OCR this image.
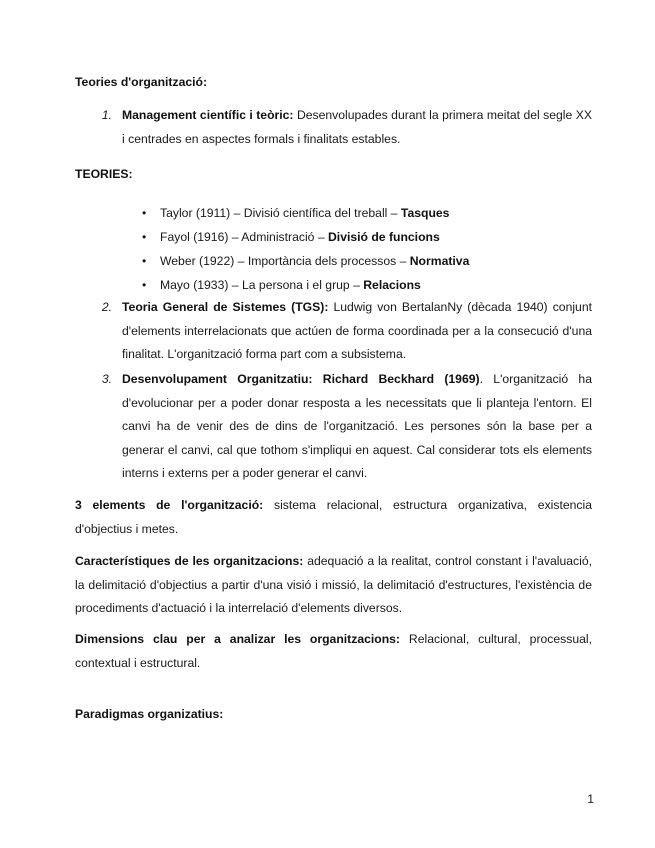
Teories d'organització:
1. Management científic i teòric: Desenvolupades durant la primera meitat del segle XX i centrades en aspectes formals i finalitats estables.
TEORIES:
• Taylor (1911) – Divisió científica del treball – Tasques
• Fayol (1916) – Administració – Divisió de funcions
• Weber (1922) – Importància dels processos – Normativa
• Mayo (1933) – La persona i el grup – Relacions
2. Teoria General de Sistemes (TGS): Ludwig von BertalanNy (dècada 1940) conjunt d'elements interrelacionats que actúen de forma coordinada per a la consecució d'una finalitat. L'organització forma part com a subsistema.
3. Desenvolupament Organitzatiu: Richard Beckhard (1969). L'organització ha d'evolucionar per a poder donar resposta a les necessitats que li planteja l'entorn. El canvi ha de venir des de dins de l'organització. Les persones són la base per a generar el canvi, cal que tothom s'impliqui en aquest. Cal considerar tots els elements interns i externs per a poder generar el canvi.
3 elements de l'organització: sistema relacional, estructura organizativa, existencia d'objectius i metes.
Característiques de les organitzacions: adequació a la realitat, control constant i l'avaluació, la delimitació d'objectius a partir d'una visió i missió, la delimitació d'estructures, l'existència de procediments d'actuació i la interrelació d'elements diversos.
Dimensions clau per a analizar les organitzacions: Relacional, cultural, processual, contextual i estructural.
Paradigmas organizatius:
1
